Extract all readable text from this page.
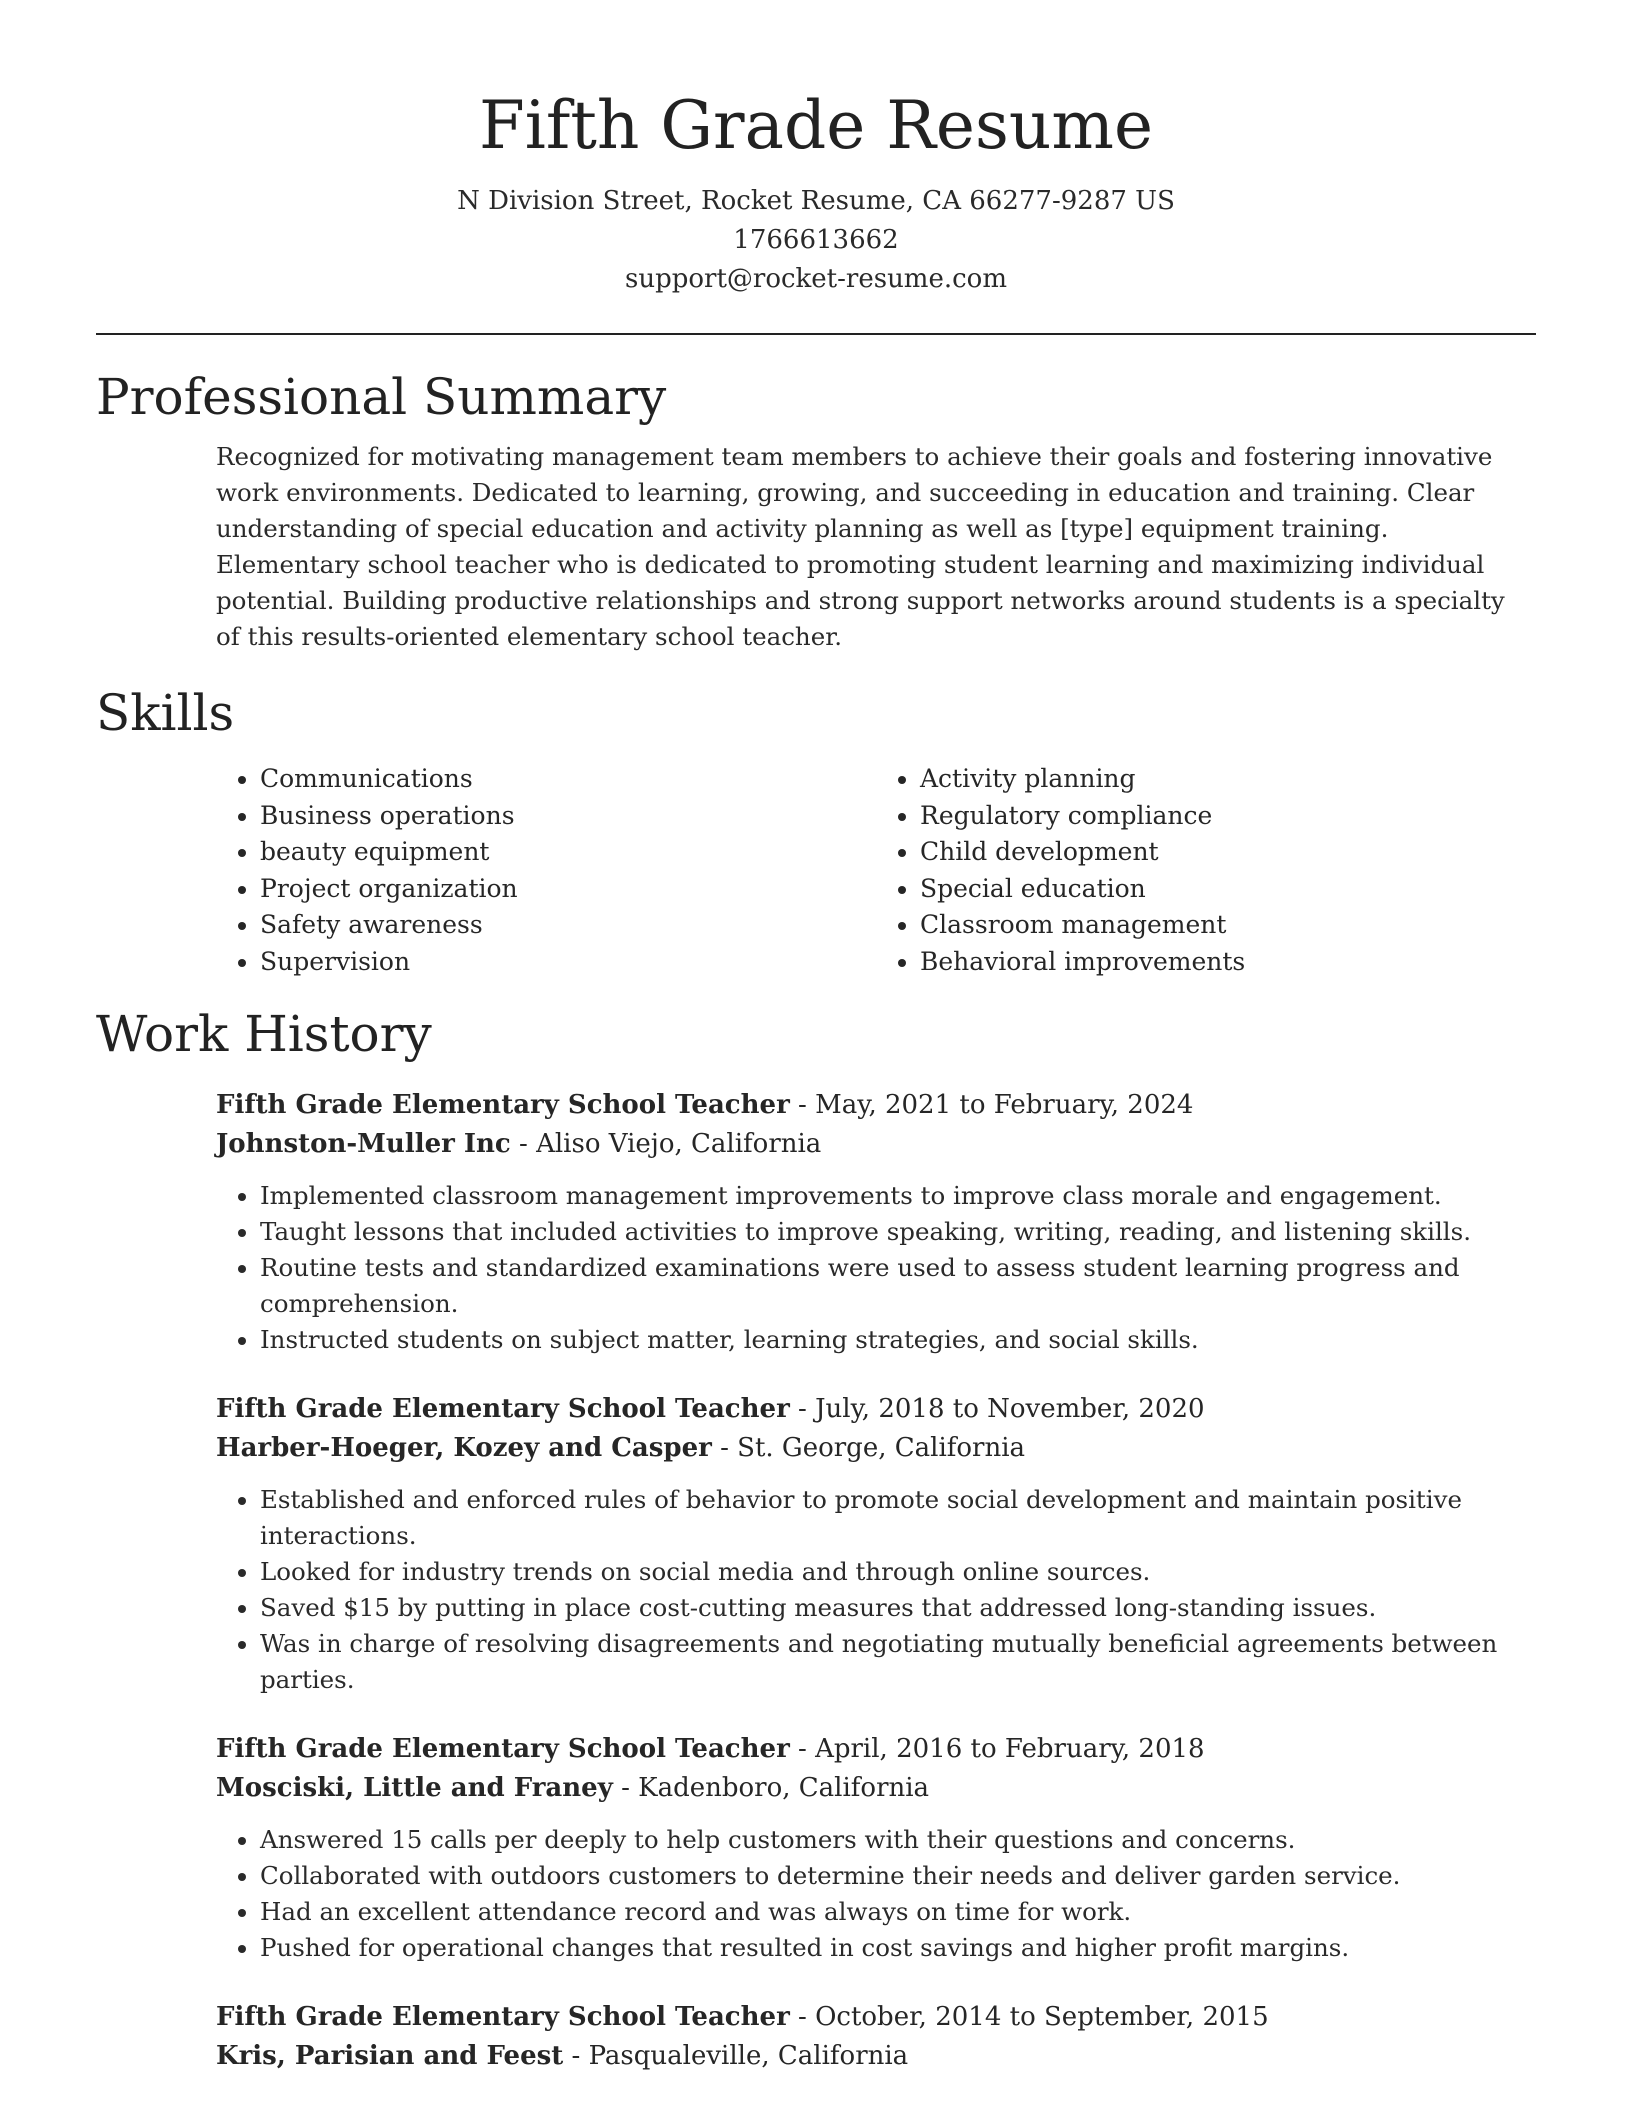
Fifth Grade Resume
N Division Street, Rocket Resume, CA 66277-9287 US
1766613662
support@rocket-resume.com
Professional Summary
Recognized for motivating management team members to achieve their goals and fostering innovative work environments. Dedicated to learning, growing, and succeeding in education and training. Clear understanding of special education and activity planning as well as [type] equipment training. Elementary school teacher who is dedicated to promoting student learning and maximizing individual potential. Building productive relationships and strong support networks around students is a specialty of this results-oriented elementary school teacher.
Skills
• Communications
• Business operations
• beauty equipment
• Project organization
• Safety awareness
• Supervision
• Activity planning
• Regulatory compliance
• Child development
• Special education
• Classroom management
• Behavioral improvements
Work History
Fifth Grade Elementary School Teacher - May, 2021 to February, 2024
Johnston-Muller Inc - Aliso Viejo, California
• Implemented classroom management improvements to improve class morale and engagement.
• Taught lessons that included activities to improve speaking, writing, reading, and listening skills.
• Routine tests and standardized examinations were used to assess student learning progress and comprehension.
• Instructed students on subject matter, learning strategies, and social skills.
Fifth Grade Elementary School Teacher - July, 2018 to November, 2020
Harber-Hoeger, Kozey and Casper - St. George, California
• Established and enforced rules of behavior to promote social development and maintain positive interactions.
• Looked for industry trends on social media and through online sources.
• Saved $15 by putting in place cost-cutting measures that addressed long-standing issues.
• Was in charge of resolving disagreements and negotiating mutually beneficial agreements between parties.
Fifth Grade Elementary School Teacher - April, 2016 to February, 2018
Mosciski, Little and Franey - Kadenboro, California
• Answered 15 calls per deeply to help customers with their questions and concerns.
• Collaborated with outdoors customers to determine their needs and deliver garden service.
• Had an excellent attendance record and was always on time for work.
• Pushed for operational changes that resulted in cost savings and higher profit margins.
Fifth Grade Elementary School Teacher - October, 2014 to September, 2015
Kris, Parisian and Feest - Pasqualeville, California
